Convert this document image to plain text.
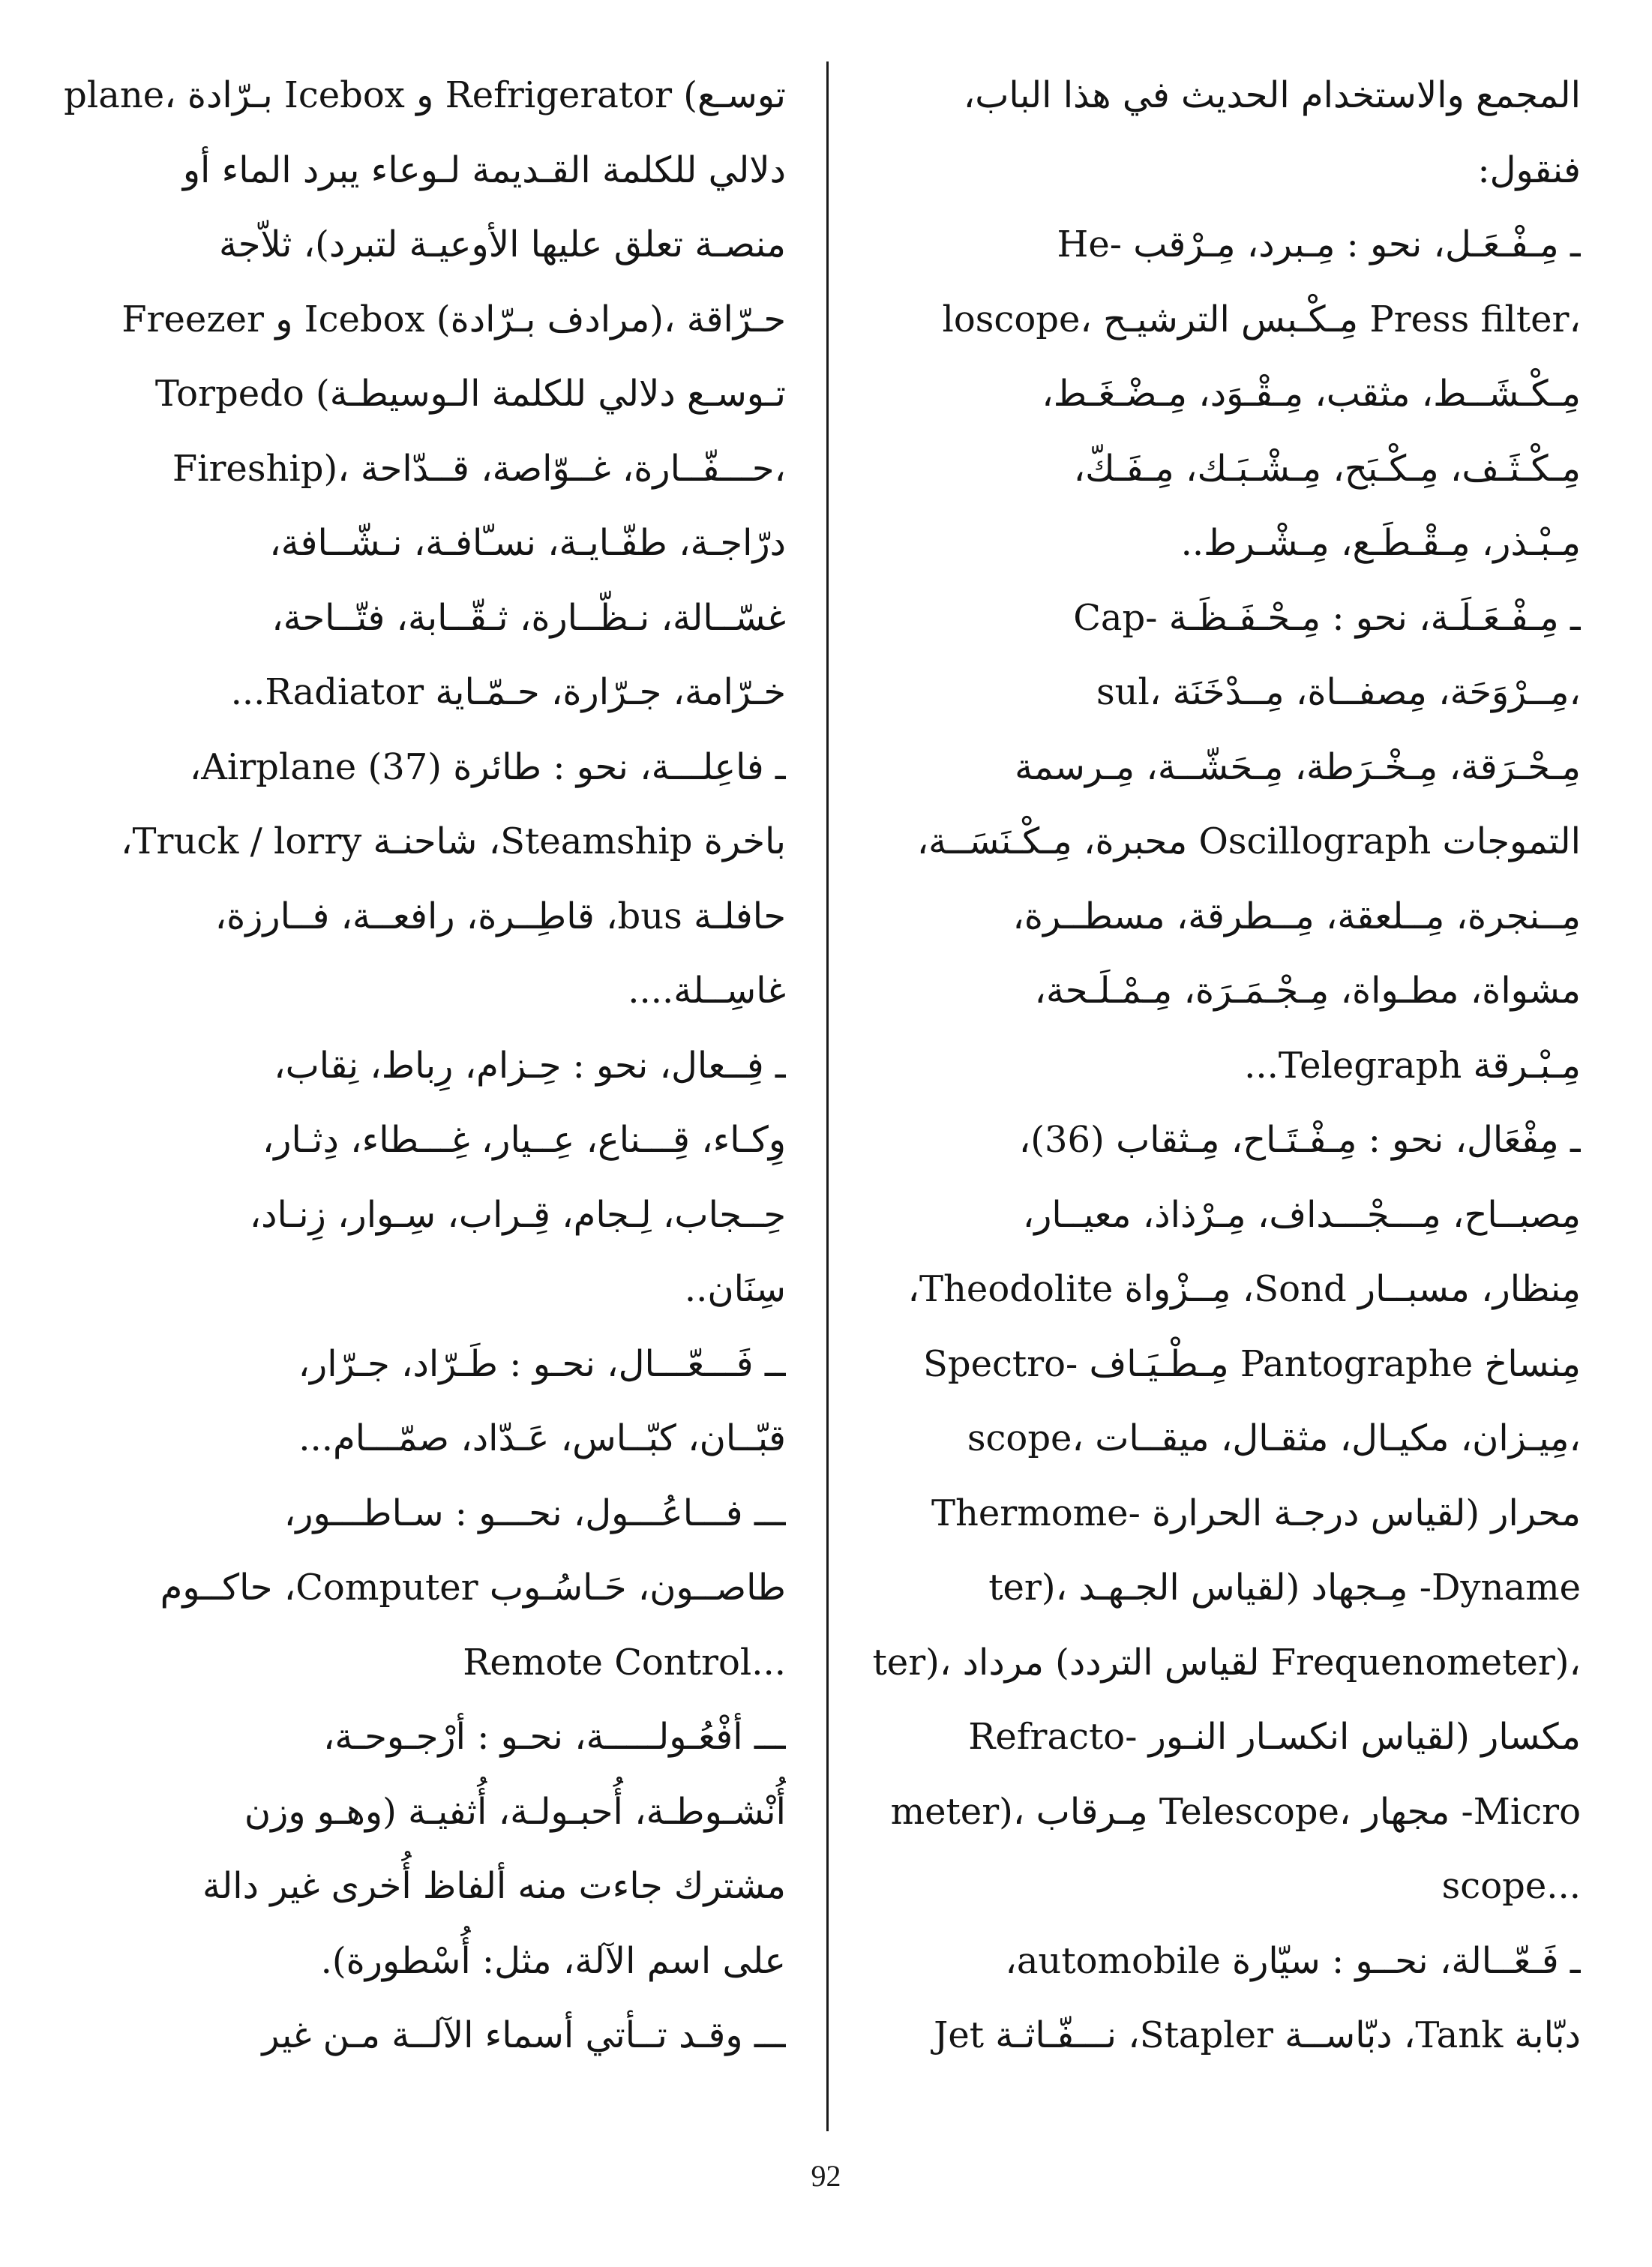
المجمع والاستخدام الحديث في هذا الباب،
فنقول:
ـ مِـفْـعَـل، نحو : مِـبرد، مِـرْقب -He
loscope، مِـكْـبس الترشيـح Press filter،
مِـكْـشَــط، مثقب، مِـقْـوَد، مِـضْـغَـط،
مِـكْـثَـف، مِـكْـبَح، مِـشْـبَـك، مِـفَـكّ،
مِـبْـذر، مِـقْـطَـع، مِـشْـرط..
ـ مِـفْـعَـلَـة، نحو : مِـحْـفَـظَـة -Cap
sul، مِــرْوَحَة، مِصفــاة، مِــدْخَنَة،
مِـحْـرَقة، مِـخْـرَطة، مِـحَشّــة، مِـرسمة
التموجات Oscillograph محبرة، مِـكْـنَسَــة،
مِــنجرة، مِــلعقة، مِــطرقة، مسطــرة،
مشواة، مطـواة، مِـجْـمَـرَة، مِـمْـلَـحة،
مِـبْـرقة Telegraph...
ـ مِفْعَال، نحو : مِـفْـتَـاح، مِـثقاب (36)،
مِصبــاح، مِـــجْـــداف، مِـرْذاذ، معيــار،
مِنظار، مسبــار Sond، مِــزْواة Theodolite،
مِنساخ Pantographe مِـطْـيَـاف -Spectro
scope، مِيـزان، مكيـال، مثقـال، ميقــات،
محرار (لقياس درجـة الحرارة -Thermome
ter)، مِـجهاد (لقياس الجـهـد -Dyname
ter)، مرداد (لقياس التردد Frequenometer)،
مكسار (لقياس انكسـار النـور -Refracto
meter)، مِـرقاب Telescope، مجهار -Micro
scope...
ـ فَـعّــالة، نحــو : سيّارة automobile،
دبّابة Tank، دبّاســة Stapler، نـــفّـاثـة Jet
plane، بـرّادة Icebox و Refrigerator (توسـع
دلالي للكلمة القـديمة لـوعاء يبرد الماء أو
منصـة تعلق عليها الأوعيـة لتبرد)، ثلاّجة
Freezer و Icebox (مرادف بـرّادة)، حـرّاقة
Torpedo (تـوسـع دلالي للكلمة الـوسيطـة
Fireship)، حـــفّــارة، غــوّاصة، قــدّاحة،
درّاجـة، طفّـايـة، نسـّافـة، نـشّــافة،
غسّــالة، نـظّــارة، ثـقّــابة، فتّــاحة،
خـرّامة، جـرّارة، حـمّـاية Radiator...
ـ فاعِلـــة، نحو : طائرة (37) Airplane،
باخرة Steamship، شاحنـة Truck / lorry،
حافلـة bus، قاطِــرة، رافعــة، فــارزة،
غاسِــلة....
ـ فِــعال، نحو : حِـزام، رِباط، نِقاب،
وِكـاء، قِـــناع، عِــيار، غِـــطاء، دِثـار،
حِــجاب، لِـجام، قِـراب، سِـوار، زِنـاد،
سِنَان..
ــ فَـــعّـــال، نحـو : طَـرّاد، جـرّار،
قبّــان، كبّــاس، عَـدّاد، صمّـــام...
ـــ فـــاعُـــول، نحـــو : سـاطـــور،
طاصــون، حَـاسُـوب Computer، حاكــوم
Remote Control...
ـــ أفْعُـولـــــة، نحـو : أرْجـوحـة،
أُنْشـوطـة، أُحبـولـة، أُثفيـة (وهـو وزن
مشترك جاءت منه ألفاظ أُخرى غير دالة
على اسم الآلة، مثل: أُسْطورة).
ـــ وقـد تــأتي أسماء الآلــة مـن غير
92
